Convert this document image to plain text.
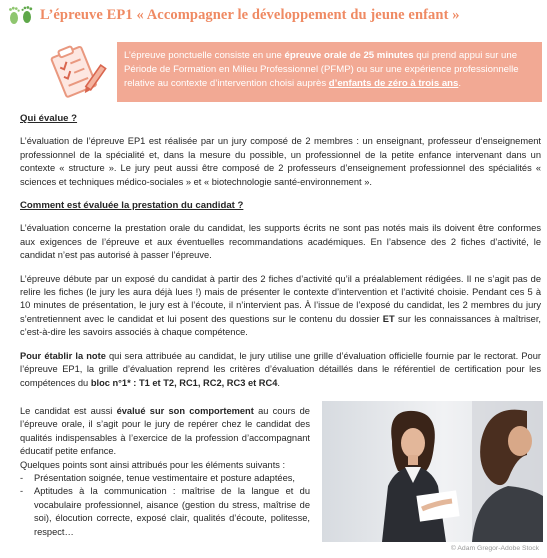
L’épreuve EP1 « Accompagner le développement du jeune enfant »
L’épreuve ponctuelle consiste en une épreuve orale de 25 minutes qui prend appui sur une Période de Formation en Milieu Professionnel (PFMP) ou sur une expérience professionnelle relative au contexte d’intervention choisi auprès d’enfants de zéro à trois ans.
Qui évalue ?

L’évaluation de l’épreuve EP1 est réalisée par un jury composé de 2 membres : un enseignant, professeur d’enseignement professionnel de la spécialité et, dans la mesure du possible, un professionnel de la petite enfance intervenant dans un contexte « structure ». Le jury peut aussi être composé de 2 professeurs d’enseignement professionnel des spécialités « sciences et techniques médico-sociales » et « biotechnologie santé-environnement ».

Comment est évaluée la prestation du candidat ?

L’évaluation concerne la prestation orale du candidat, les supports écrits ne sont pas notés mais ils doivent être conformes aux exigences de l’épreuve et aux éventuelles recommandations académiques. En l’absence des 2 fiches d’activité, le candidat n’est pas autorisé à passer l’épreuve.

L’épreuve débute par un exposé du candidat à partir des 2 fiches d’activité qu’il a préalablement rédigées. Il ne s’agit pas de relire les fiches (le jury les aura déjà lues !) mais de présenter le contexte d’intervention et l’activité choisie. Pendant ces 5 à 10 minutes de présentation, le jury est à l’écoute, il n’intervient pas. À l’issue de l’exposé du candidat, les 2 membres du jury s’entretiennent avec le candidat et lui posent des questions sur le contenu du dossier ET sur les connaissances à maîtriser, c’est-à-dire les savoirs associés à chaque compétence.

Pour établir la note qui sera attribuée au candidat, le jury utilise une grille d’évaluation officielle fournie par le rectorat. Pour l’épreuve EP1, la grille d’évaluation reprend les critères d’évaluation détaillés dans le référentiel de certification pour les compétences du bloc n°1* : T1 et T2, RC1, RC2, RC3 et RC4.

Le candidat est aussi évalué sur son comportement au cours de l’épreuve orale, il s’agit pour le jury de repérer chez le candidat des qualités indispensables à l’exercice de la profession d’accompagnant éducatif petite enfance.

Quelques points sont ainsi attribués pour les éléments suivants :

-	Présentation soignée, tenue vestimentaire et posture adaptées,
-	Aptitudes à la communication : maîtrise de la langue et du vocabulaire professionnel, aisance (gestion du stress, maîtrise de soi), élocution correcte, exposé clair, qualités d’écoute, politesse, respect…
© Adam Gregor-Adobe Stock
